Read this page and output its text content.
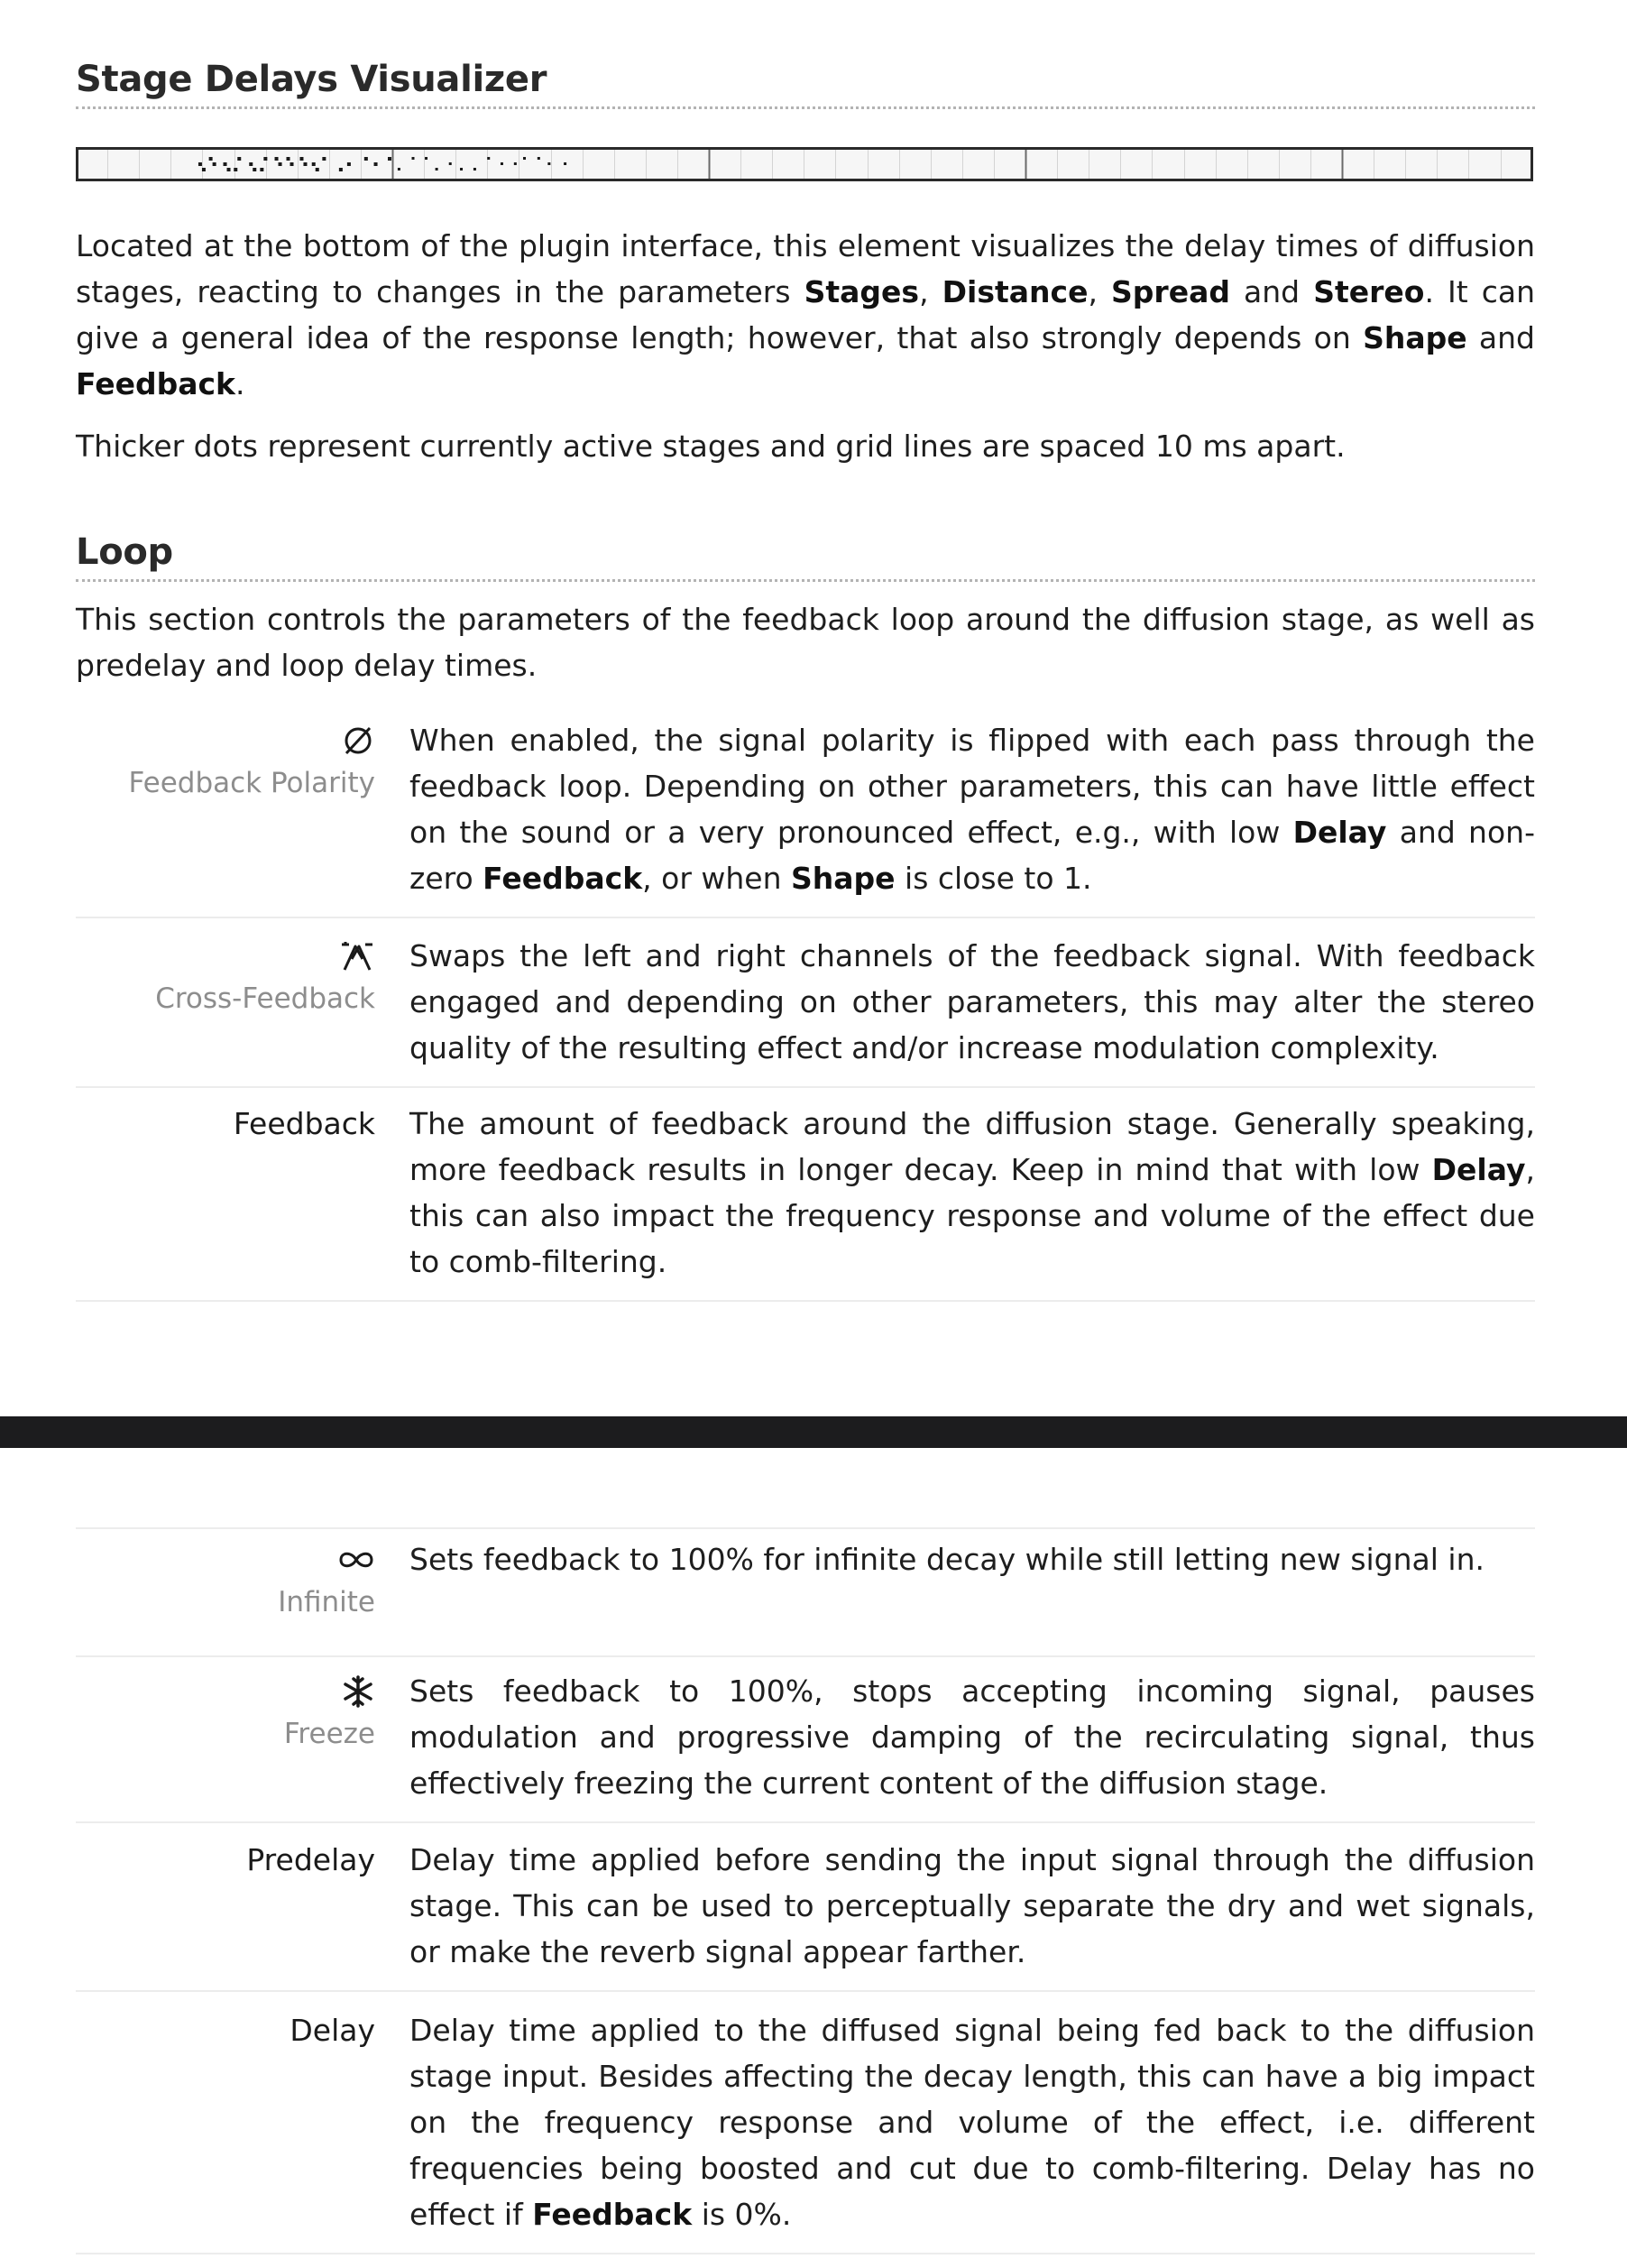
Stage Delays Visualizer

Located at the bottom of the plugin interface, this element visualizes the delay times of diffusion stages, reacting to changes in the parameters Stages, Distance, Spread and Stereo. It can give a general idea of the response length; however, that also strongly depends on Shape and Feedback.

Thicker dots represent currently active stages and grid lines are spaced 10 ms apart.

Loop

This section controls the parameters of the feedback loop around the diffusion stage, as well as predelay and loop delay times.

Feedback Polarity

When enabled, the signal polarity is flipped with each pass through the feedback loop. Depending on other parameters, this can have little effect on the sound or a very pronounced effect, e.g., with low Delay and non-zero Feedback, or when Shape is close to 1.

Cross-Feedback

Swaps the left and right channels of the feedback signal. With feedback engaged and depending on other parameters, this may alter the stereo quality of the resulting effect and/or increase modulation complexity.

Feedback The amount of feedback around the diffusion stage. Generally speaking, more feedback results in longer decay. Keep in mind that with low Delay, this can also impact the frequency response and volume of the effect due to comb-filtering.

Infinite

Sets feedback to 100% for infinite decay while still letting new signal in.

Freeze

Sets feedback to 100%, stops accepting incoming signal, pauses modulation and progressive damping of the recirculating signal, thus effectively freezing the current content of the diffusion stage.

Predelay Delay time applied before sending the input signal through the diffusion stage. This can be used to perceptually separate the dry and wet signals, or make the reverb signal appear farther.

Delay Delay time applied to the diffused signal being fed back to the diffusion stage input. Besides affecting the decay length, this can have a big impact on the frequency response and volume of the effect, i.e. different frequencies being boosted and cut due to comb-filtering. Delay has no effect if Feedback is 0%.
